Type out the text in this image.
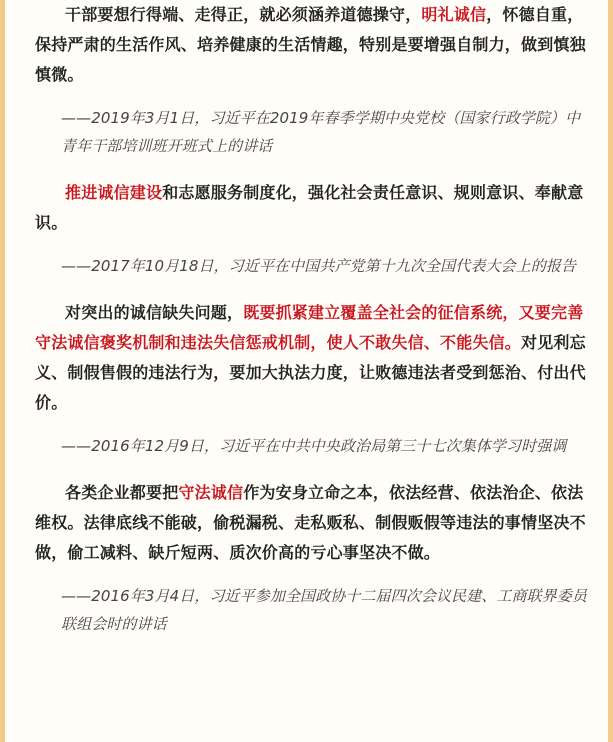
干部要想行得端、走得正，就必须涵养道德操守，明礼诚信，怀德自重，保持严肃的生活作风、培养健康的生活情趣，特别是要增强自制力，做到慎独慎微。

——2019年3月1日，习近平在2019年春季学期中央党校（国家行政学院）中青年干部培训班开班式上的讲话

推进诚信建设和志愿服务制度化，强化社会责任意识、规则意识、奉献意识。

——2017年10月18日，习近平在中国共产党第十九次全国代表大会上的报告

对突出的诚信缺失问题，既要抓紧建立覆盖全社会的征信系统，又要完善守法诚信褒奖机制和违法失信惩戒机制，使人不敢失信、不能失信。对见利忘义、制假售假的违法行为，要加大执法力度，让败德违法者受到惩治、付出代价。

——2016年12月9日，习近平在中共中央政治局第三十七次集体学习时强调

各类企业都要把守法诚信作为安身立命之本，依法经营、依法治企、依法维权。法律底线不能破，偷税漏税、走私贩私、制假贩假等违法的事情坚决不做，偷工减料、缺斤短两、质次价高的亏心事坚决不做。

——2016年3月4日，习近平参加全国政协十二届四次会议民建、工商联界委员联组会时的讲话
